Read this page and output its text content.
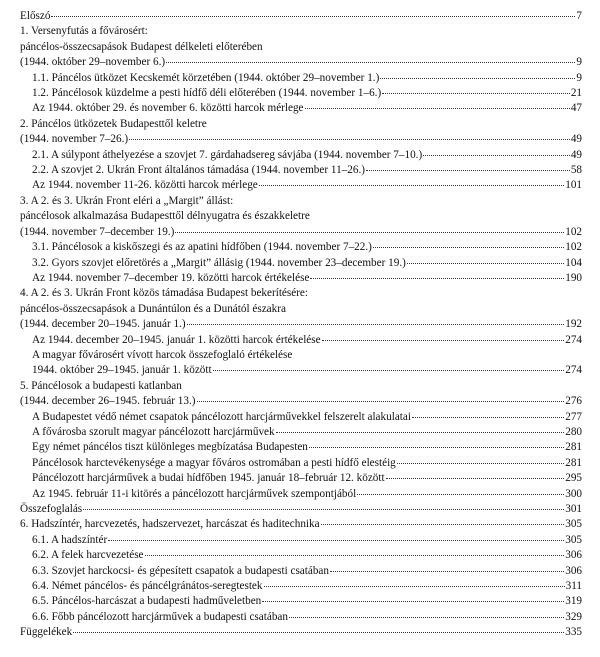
Előszó	7
1. Versenyfutás a fővárosért:
páncélos-összecsapások Budapest délkeleti előterében
(1944. október 29–november 6.)	9
1.1. Páncélos ütközet Kecskemét körzetében (1944. október 29–november 1.)	9
1.2. Páncélosok küzdelme a pesti hídfő déli előterében (1944. november 1–6.)	21
Az 1944. október 29. és november 6. közötti harcok mérlege	47
2. Páncélos ütközetek Budapesttől keletre
(1944. november 7–26.)	49
2.1. A súlypont áthelyezése a szovjet 7. gárdahadsereg sávjába (1944. november 7–10.)	49
2.2. A szovjet 2. Ukrán Front általános támadása (1944. november 11–26.)	58
Az 1944. november 11-26. közötti harcok mérlege	101
3. A 2. és 3. Ukrán Front eléri a „Margit” állást:
páncélosok alkalmazása Budapesttől délnyugatra és északkeletre
(1944. november 7–december 19.)	102
3.1. Páncélosok a kiskőszegi és az apatini hídfőben (1944. november 7–22.)	102
3.2. Gyors szovjet előretörés a „Margit” állásig (1944. november 23–december 19.)	104
Az 1944. november 7–december 19. közötti harcok értékelése	190
4. A 2. és 3. Ukrán Front közös támadása Budapest bekerítésére:
páncélos-összecsapások a Dunántúlon és a Dunától északra
(1944. december 20–1945. január 1.)	192
Az 1944. december 20–1945. január 1. közötti harcok értékelése	274
A magyar fővárosért vívott harcok összefoglaló értékelése
1944. október 29–1945. január 1. között	274
5. Páncélosok a budapesti katlanban
(1944. december 26–1945. február 13.)	276
A Budapestet védő német csapatok páncélozott harcjárművekkel felszerelt alakulatai	277
A fővárosba szorult magyar páncélozott harcjárművek	280
Egy német páncélos tiszt különleges megbízatása Budapesten	281
Páncélosok harctevékenysége a magyar főváros ostromában a pesti hídfő elestéig	281
Páncélozott harcjárművek a budai hídfőben 1945. január 18–február 12. között	295
Az 1945. február 11-i kitörés a páncélozott harcjárművek szempontjából	300
Összefoglalás	301
6. Hadszíntér, harcvezetés, hadszervezet, harcászat és haditechnika	305
6.1. A hadszíntér	305
6.2. A felek harcvezetése	306
6.3. Szovjet harckocsi- és gépesített csapatok a budapesti csatában	306
6.4. Német páncélos- és páncélgránátos-seregtestek	311
6.5. Páncélos-harcászat a budapesti hadműveletben	319
6.6. Főbb páncélozott harcjárművek a budapesti csatában	329
Függelékek	335
